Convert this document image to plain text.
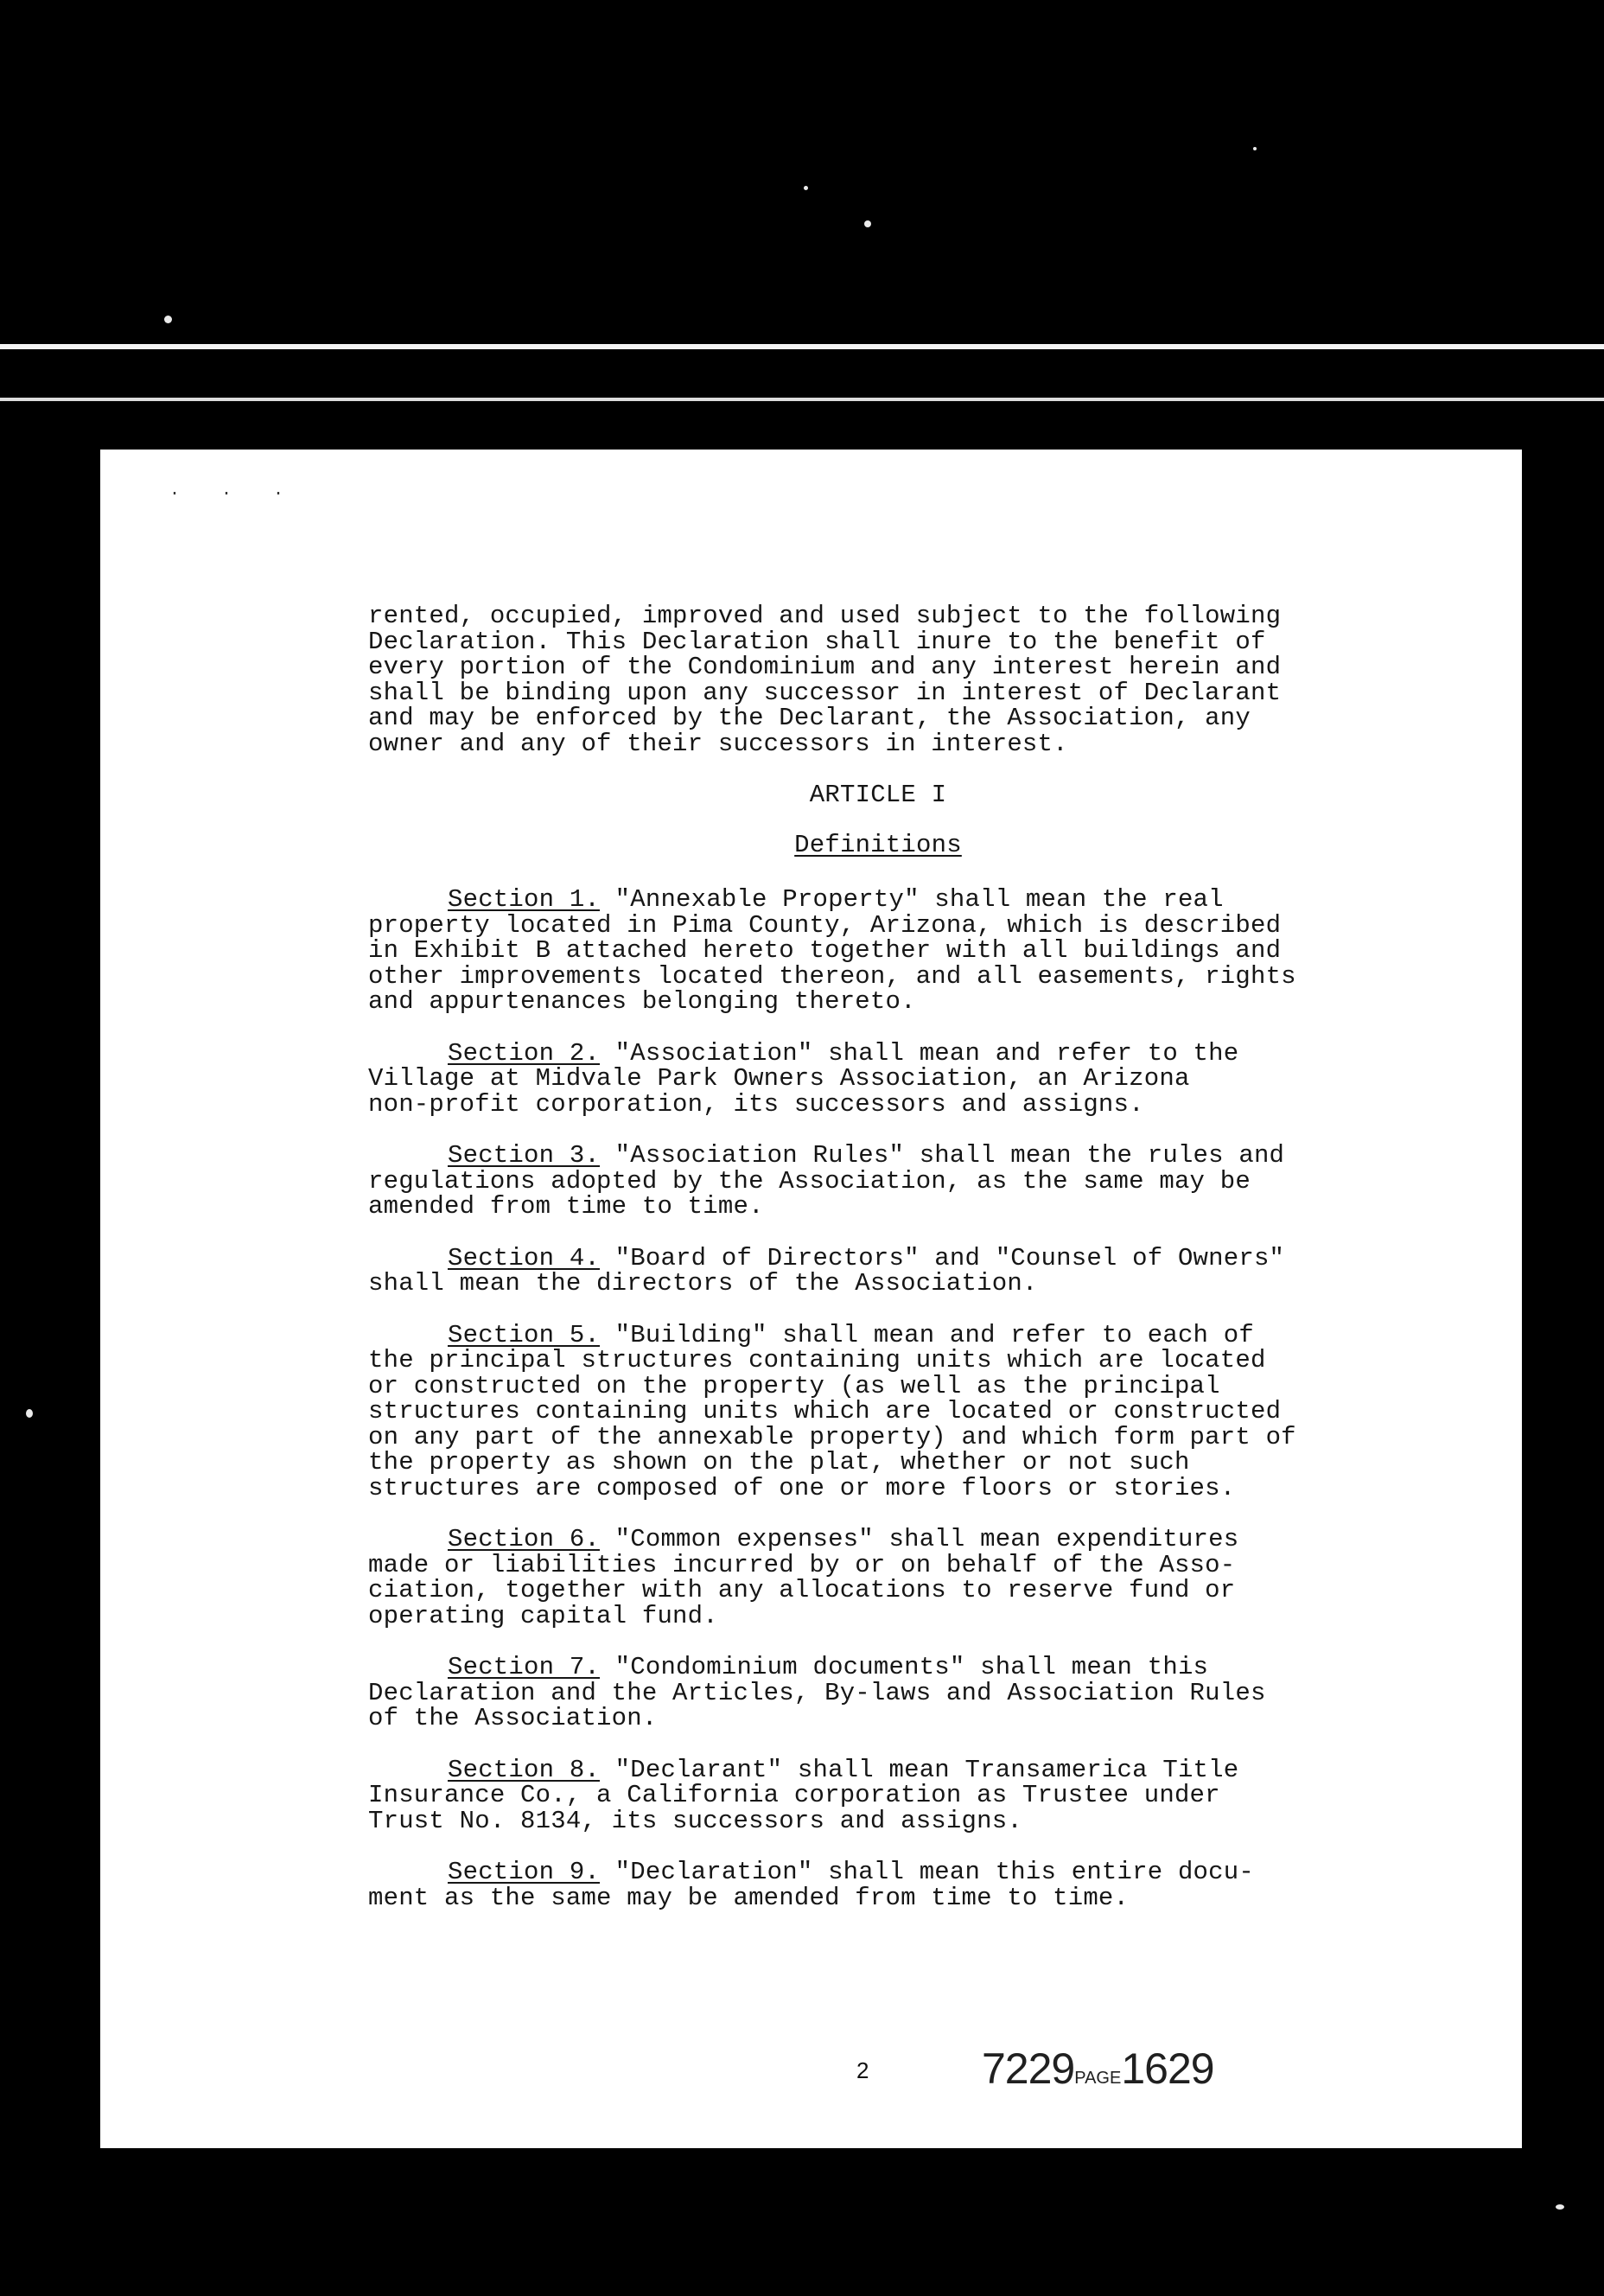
· · ·

rented, occupied, improved and used subject to the following
Declaration. This Declaration shall inure to the benefit of
every portion of the Condominium and any interest herein and
shall be binding upon any successor in interest of Declarant
and may be enforced by the Declarant, the Association, any
owner and any of their successors in interest.

ARTICLE I

Definitions

Section 1. "Annexable Property" shall mean the real
property located in Pima County, Arizona, which is described
in Exhibit B attached hereto together with all buildings and
other improvements located thereon, and all easements, rights
and appurtenances belonging thereto.

Section 2. "Association" shall mean and refer to the
Village at Midvale Park Owners Association, an Arizona
non-profit corporation, its successors and assigns.

Section 3. "Association Rules" shall mean the rules and
regulations adopted by the Association, as the same may be
amended from time to time.

Section 4. "Board of Directors" and "Counsel of Owners"
shall mean the directors of the Association.

Section 5. "Building" shall mean and refer to each of
the principal structures containing units which are located
or constructed on the property (as well as the principal
structures containing units which are located or constructed
on any part of the annexable property) and which form part of
the property as shown on the plat, whether or not such
structures are composed of one or more floors or stories.

Section 6. "Common expenses" shall mean expenditures
made or liabilities incurred by or on behalf of the Asso-
ciation, together with any allocations to reserve fund or
operating capital fund.

Section 7. "Condominium documents" shall mean this
Declaration and the Articles, By-laws and Association Rules
of the Association.

Section 8. "Declarant" shall mean Transamerica Title
Insurance Co., a California corporation as Trustee under
Trust No. 8134, its successors and assigns.

Section 9. "Declaration" shall mean this entire docu-
ment as the same may be amended from time to time.

2	7229PAGE1629
